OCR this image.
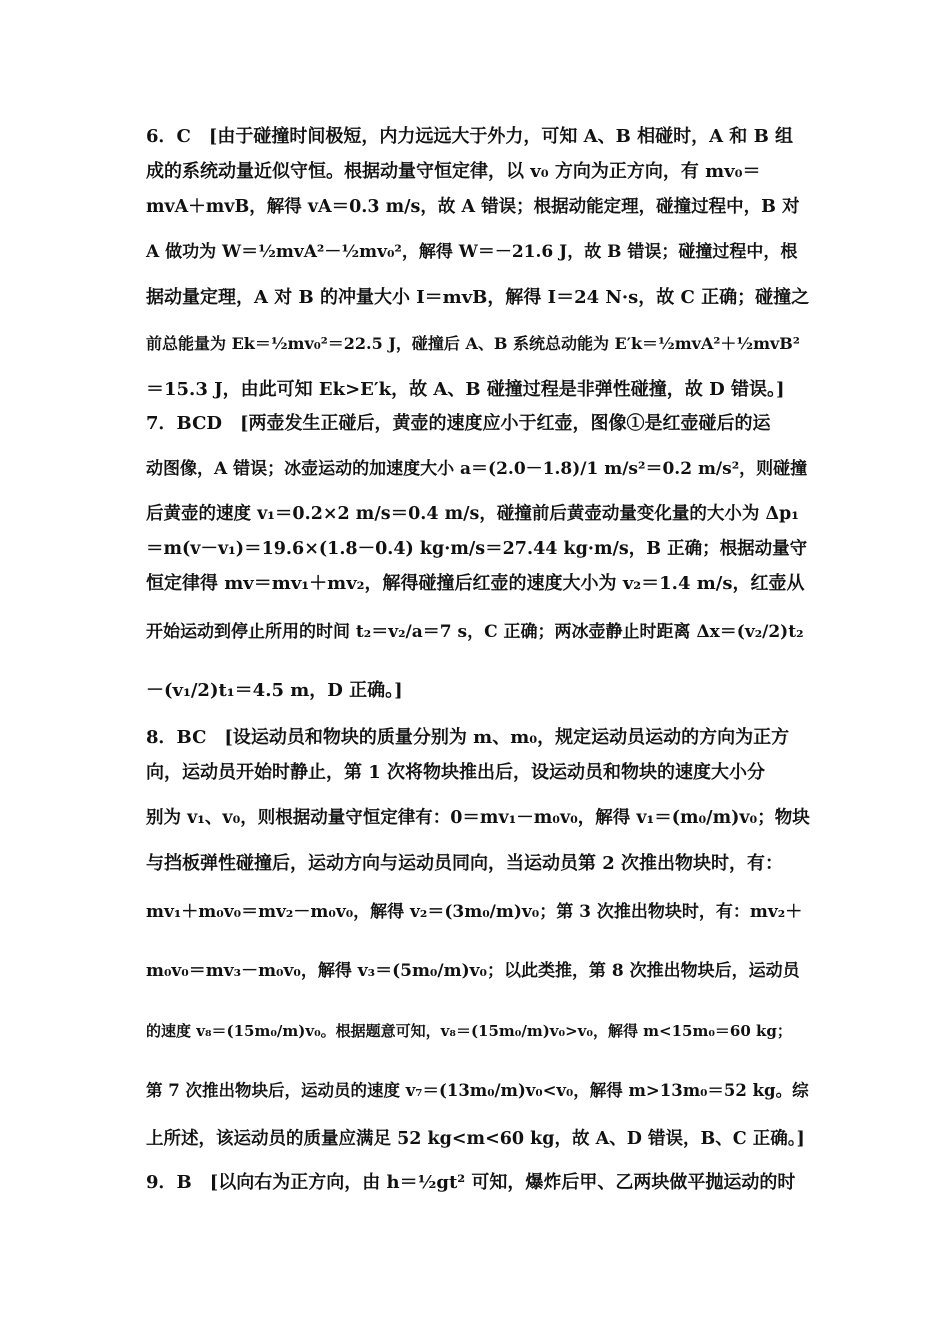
6．C　[由于碰撞时间极短，内力远远大于外力，可知 A、B 相碰时，A 和 B 组
成的系统动量近似守恒。根据动量守恒定律，以 v₀ 方向为正方向，有 mv₀＝
mvA＋mvB，解得 vA＝0.3 m/s，故 A 错误；根据动能定理，碰撞过程中，B 对
A 做功为 W＝½mvA²－½mv₀²，解得 W＝－21.6 J，故 B 错误；碰撞过程中，根
据动量定理，A 对 B 的冲量大小 I＝mvB，解得 I＝24 N·s，故 C 正确；碰撞之
前总能量为 Ek＝½mv₀²＝22.5 J，碰撞后 A、B 系统总动能为 E′k＝½mvA²＋½mvB²
＝15.3 J，由此可知 Ek>E′k，故 A、B 碰撞过程是非弹性碰撞，故 D 错误。]
7．BCD　[两壶发生正碰后，黄壶的速度应小于红壶，图像①是红壶碰后的运
动图像，A 错误；冰壶运动的加速度大小 a＝(2.0－1.8)/1 m/s²＝0.2 m/s²，则碰撞
后黄壶的速度 v₁＝0.2×2 m/s＝0.4 m/s，碰撞前后黄壶动量变化量的大小为 Δp₁
＝m(v－v₁)＝19.6×(1.8－0.4) kg·m/s＝27.44 kg·m/s，B 正确；根据动量守
恒定律得 mv＝mv₁＋mv₂，解得碰撞后红壶的速度大小为 v₂＝1.4 m/s，红壶从
开始运动到停止所用的时间 t₂＝v₂/a＝7 s，C 正确；两冰壶静止时距离 Δx＝(v₂/2)t₂
－(v₁/2)t₁＝4.5 m，D 正确。]
8．BC　[设运动员和物块的质量分别为 m、m₀，规定运动员运动的方向为正方
向，运动员开始时静止，第 1 次将物块推出后，设运动员和物块的速度大小分
别为 v₁、v₀，则根据动量守恒定律有：0＝mv₁－m₀v₀，解得 v₁＝(m₀/m)v₀；物块
与挡板弹性碰撞后，运动方向与运动员同向，当运动员第 2 次推出物块时，有：
mv₁＋m₀v₀＝mv₂－m₀v₀，解得 v₂＝(3m₀/m)v₀；第 3 次推出物块时，有：mv₂＋
m₀v₀＝mv₃－m₀v₀，解得 v₃＝(5m₀/m)v₀；以此类推，第 8 次推出物块后，运动员
的速度 v₈＝(15m₀/m)v₀。根据题意可知，v₈＝(15m₀/m)v₀>v₀，解得 m<15m₀＝60 kg；
第 7 次推出物块后，运动员的速度 v₇＝(13m₀/m)v₀<v₀，解得 m>13m₀＝52 kg。综
上所述，该运动员的质量应满足 52 kg<m<60 kg，故 A、D 错误，B、C 正确。]
9．B　[以向右为正方向，由 h＝½gt² 可知，爆炸后甲、乙两块做平抛运动的时
